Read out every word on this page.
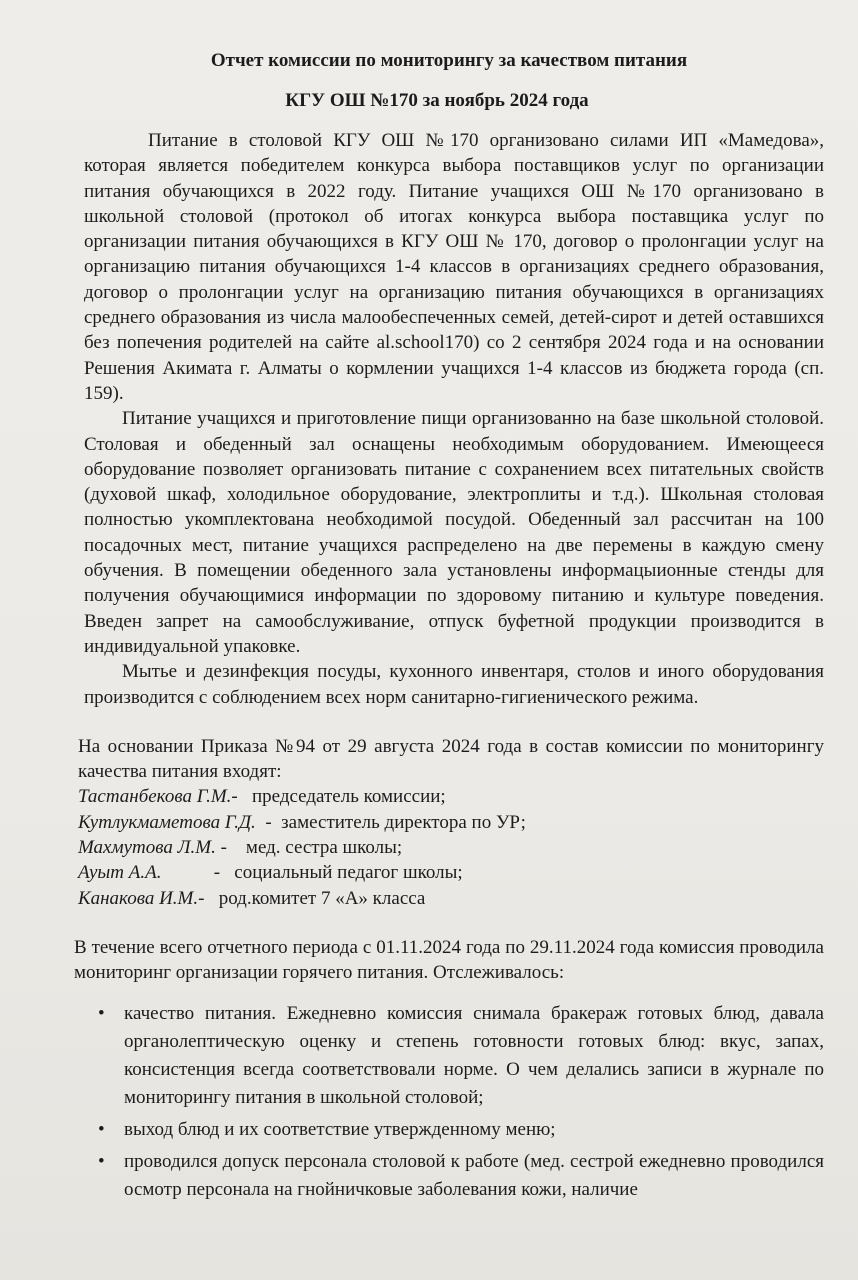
Отчет комиссии по мониторингу за качеством питания
КГУ ОШ №170 за ноябрь 2024 года

Питание в столовой КГУ ОШ №170 организовано силами ИП «Мамедова», которая является победителем конкурса выбора поставщиков услуг по организации питания обучающихся в 2022 году. Питание учащихся ОШ №170 организовано в школьной столовой (протокол об итогах конкурса выбора поставщика услуг по организации питания обучающихся в КГУ ОШ № 170, договор о пролонгации услуг на организацию питания обучающихся 1-4 классов в организациях среднего образования, договор о пролонгации услуг на организацию питания обучающихся в организациях среднего образования из числа малообеспеченных семей, детей-сирот и детей оставшихся без попечения родителей на сайте al.school170) со 2 сентября 2024 года и на основании Решения Акимата г. Алматы о кормлении учащихся 1-4 классов из бюджета города (сп. 159).

Питание учащихся и приготовление пищи организованно на базе школьной столовой. Столовая и обеденный зал оснащены необходимым оборудованием. Имеющееся оборудование позволяет организовать питание с сохранением всех питательных свойств (духовой шкаф, холодильное оборудование, электроплиты и т.д.). Школьная столовая полностью укомплектована необходимой посудой. Обеденный зал рассчитан на 100 посадочных мест, питание учащихся распределено на две перемены в каждую смену обучения. В помещении обеденного зала установлены информацыионные стенды для получения обучающимися информации по здоровому питанию и культуре поведения. Введен запрет на самообслуживание, отпуск буфетной продукции производится в индивидуальной упаковке.

Мытье и дезинфекция посуды, кухонного инвентаря, столов и иного оборудования производится с соблюдением всех норм санитарно-гигиенического режима.

На основании Приказа №94 от 29 августа 2024 года в состав комиссии по мониторингу качества питания входят:

Тастанбекова Г.М.-   председатель комиссии;
Кутлукмаметова Г.Д.  -  заместитель директора по УР;
Махмутова Л.М. -    мед. сестра школы;
Ауыт А.А.           -   социальный педагог школы;
Канакова И.М.-   род.комитет 7 «А» класса

В течение всего отчетного периода с 01.11.2024 года по 29.11.2024 года комиссия проводила мониторинг организации горячего питания. Отслеживалось:

• качество питания. Ежедневно комиссия снимала бракераж готовых блюд, давала органолептическую оценку и степень готовности готовых блюд: вкус, запах, консистенция всегда соответствовали норме. О чем делались записи в журнале по мониторингу питания в школьной столовой;
• выход блюд и их соответствие утвержденному меню;
• проводился допуск персонала столовой к работе (мед. сестрой ежедневно проводился осмотр персонала на гнойничковые заболевания кожи, наличие
